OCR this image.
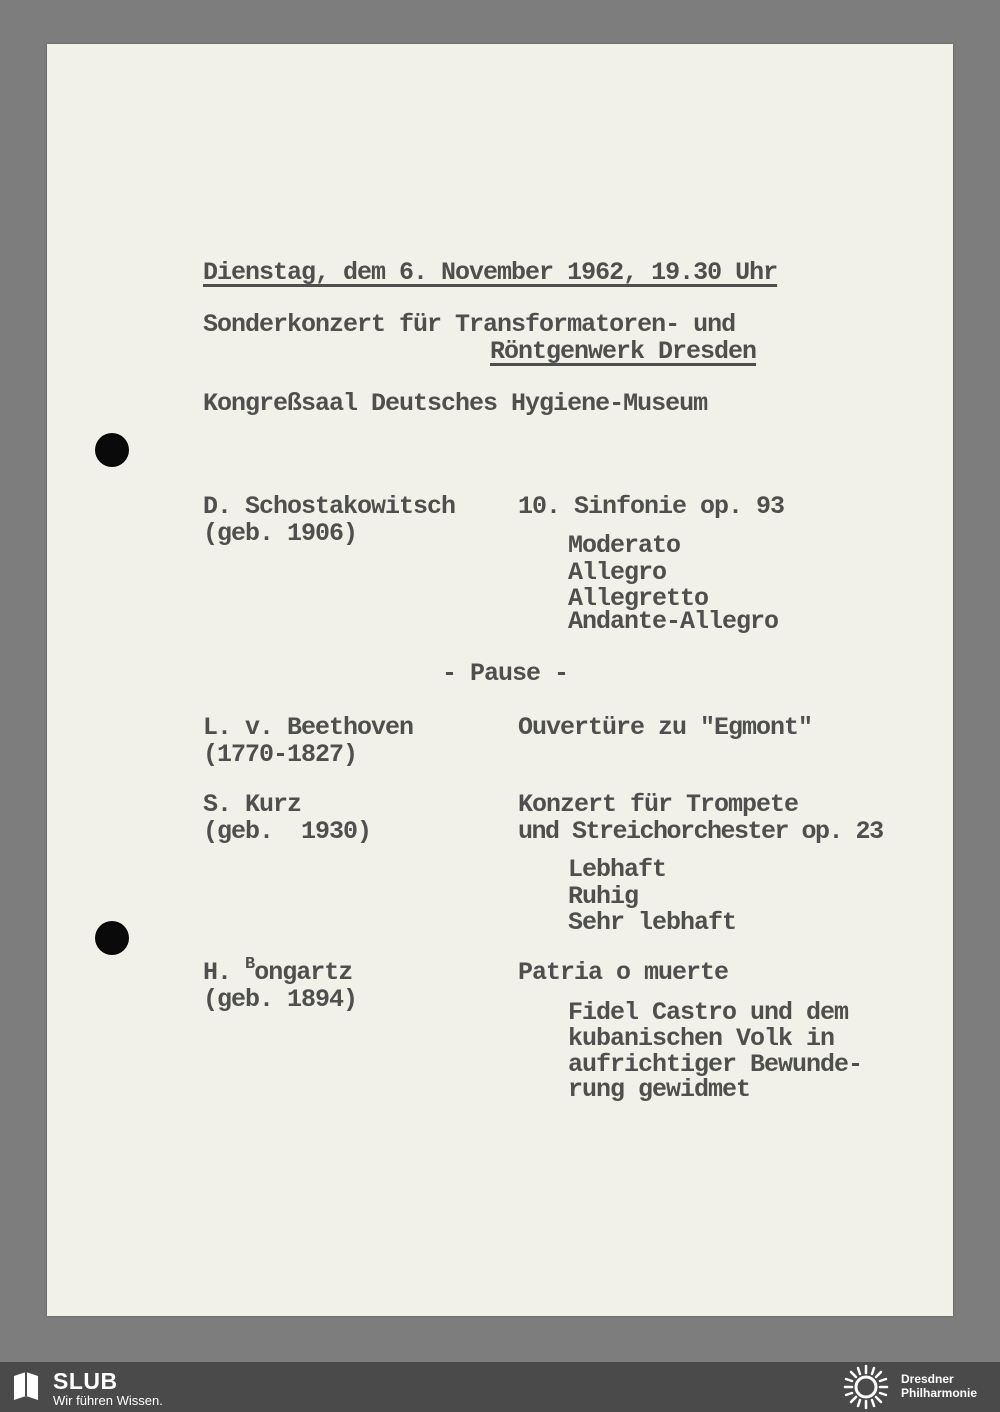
Dienstag, dem 6. November 1962, 19.30 Uhr

Sonderkonzert für Transformatoren- und

Röntgenwerk Dresden

Kongreßsaal Deutsches Hygiene-Museum

D. Schostakowitsch

(geb. 1906)

10. Sinfonie op. 93

Moderato

Allegro

Allegretto

Andante-Allegro

- Pause -

L. v. Beethoven

(1770-1827)

Ouvertüre zu "Egmont"

S. Kurz

(geb.  1930)

Konzert für Trompete

und Streichorchester op. 23

Lebhaft

Ruhig

Sehr lebhaft

H. $^B$ongartz

(geb. 1894)

Patria o muerte

Fidel Castro und dem

kubanischen Volk in

aufrichtiger Bewunde-

rung gewidmet

SLUB
Wir führen Wissen.
Dresdner
Philharmonie
